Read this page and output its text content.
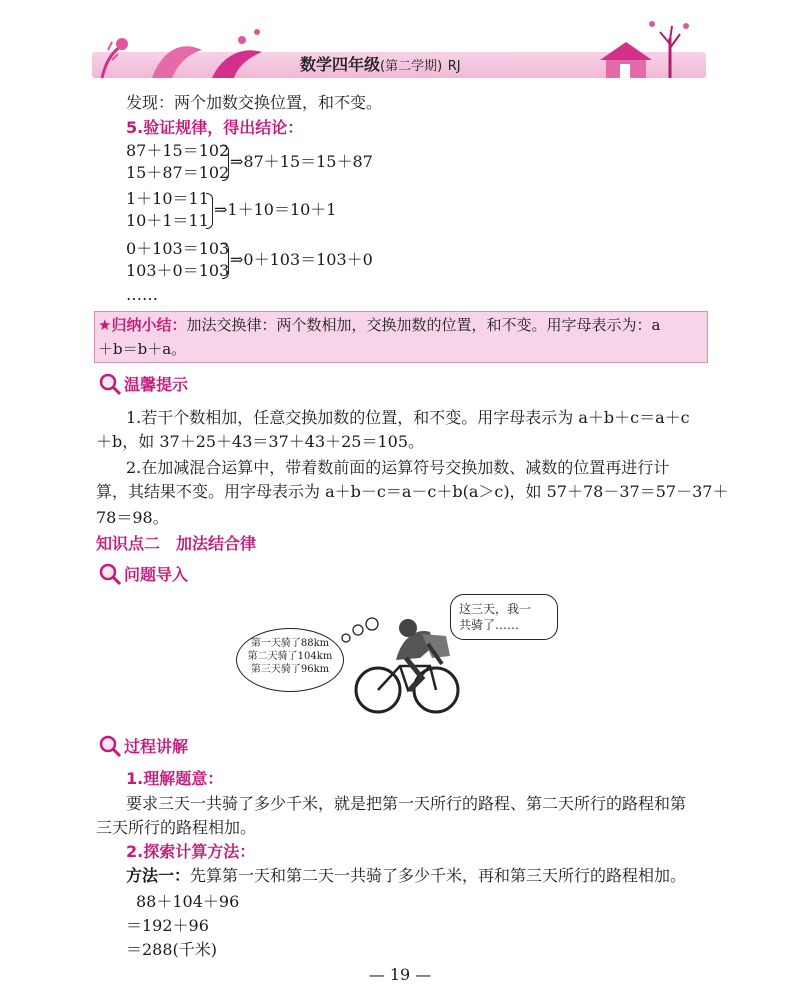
数学四年级(第二学期) RJ
发现：两个加数交换位置，和不变。
5.验证规律，得出结论：
87＋15＝102
15＋87＝102
⇒87＋15＝15＋87
1＋10＝11
10＋1＝11
⇒1＋10＝10＋1
0＋103＝103
103＋0＝103
⇒0＋103＝103＋0
……
★归纳小结：加法交换律：两个数相加，交换加数的位置，和不变。用字母表示为：a
＋b＝b＋a。
温馨提示
1.若干个数相加，任意交换加数的位置，和不变。用字母表示为 a＋b＋c＝a＋c
＋b，如 37＋25＋43＝37＋43＋25＝105。
2.在加减混合运算中，带着数前面的运算符号交换加数、减数的位置再进行计
算，其结果不变。用字母表示为 a＋b－c＝a－c＋b(a＞c)，如 57＋78－37＝57－37＋
78＝98。
知识点二　加法结合律
问题导入
第一天骑了88km
第二天骑了104km
第三天骑了96km
这三天，我一
共骑了……
过程讲解
1.理解题意：
要求三天一共骑了多少千米，就是把第一天所行的路程、第二天所行的路程和第
三天所行的路程相加。
2.探索计算方法：
方法一：先算第一天和第二天一共骑了多少千米，再和第三天所行的路程相加。
88＋104＋96
＝192＋96
＝288(千米)
— 19 —
